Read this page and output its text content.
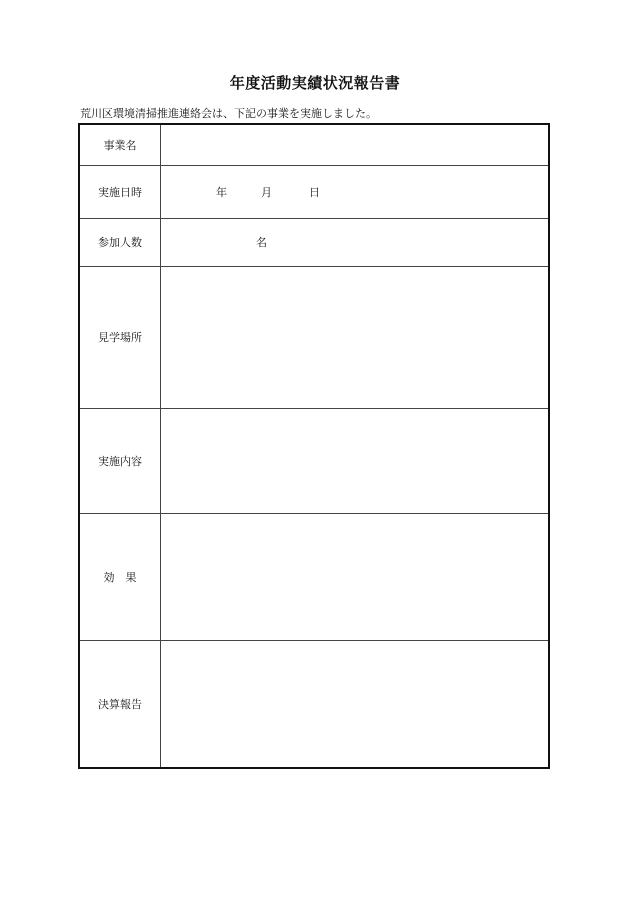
年度活動実績状況報告書
荒川区環境清掃推進連絡会は、下記の事業を実施しました。
事業名	
実施日時	年 月 日

参加人数	名

見学場所	
実施内容	
効　果	
決算報告	
